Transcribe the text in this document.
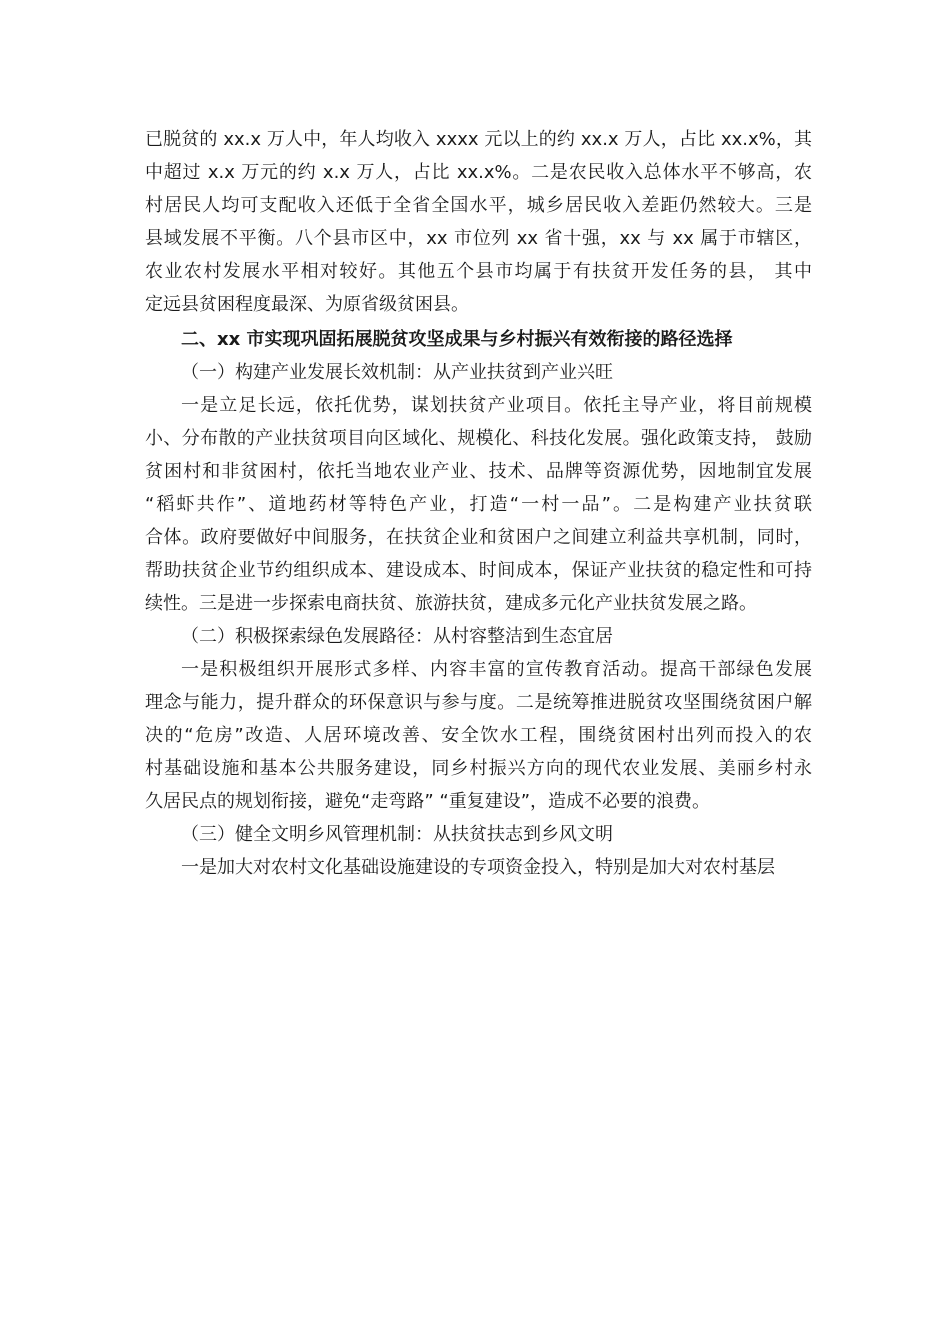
已脱贫的 xx.x 万人中，年人均收入 xxxx 元以上的约 xx.x 万人，占比 xx.x%，其
中超过 x.x 万元的约 x.x 万人，占比 xx.x%。二是农民收入总体水平不够高，农
村居民人均可支配收入还低于全省全国水平，城乡居民收入差距仍然较大。三是
县域发展不平衡。八个县市区中，xx 市位列 xx 省十强，xx 与 xx 属于市辖区，
农业农村发展水平相对较好。其他五个县市均属于有扶贫开发任务的县， 其中
定远县贫困程度最深、为原省级贫困县。
二、xx 市实现巩固拓展脱贫攻坚成果与乡村振兴有效衔接的路径选择
（一）构建产业发展长效机制：从产业扶贫到产业兴旺
一是立足长远，依托优势，谋划扶贫产业项目。依托主导产业，将目前规模
小、分布散的产业扶贫项目向区域化、规模化、科技化发展。强化政策支持， 鼓励
贫困村和非贫困村，依托当地农业产业、技术、品牌等资源优势，因地制宜发展
“稻虾共作”、道地药材等特色产业，打造“一村一品”。二是构建产业扶贫联
合体。政府要做好中间服务，在扶贫企业和贫困户之间建立利益共享机制，同时，
帮助扶贫企业节约组织成本、建设成本、时间成本，保证产业扶贫的稳定性和可持
续性。三是进一步探索电商扶贫、旅游扶贫，建成多元化产业扶贫发展之路。
（二）积极探索绿色发展路径：从村容整洁到生态宜居
一是积极组织开展形式多样、内容丰富的宣传教育活动。提高干部绿色发展
理念与能力，提升群众的环保意识与参与度。二是统筹推进脱贫攻坚围绕贫困户解
决的“危房”改造、人居环境改善、安全饮水工程，围绕贫困村出列而投入的农
村基础设施和基本公共服务建设，同乡村振兴方向的现代农业发展、美丽乡村永
久居民点的规划衔接，避免“走弯路” “重复建设”，造成不必要的浪费。
（三）健全文明乡风管理机制：从扶贫扶志到乡风文明
一是加大对农村文化基础设施建设的专项资金投入，特别是加大对农村基层
